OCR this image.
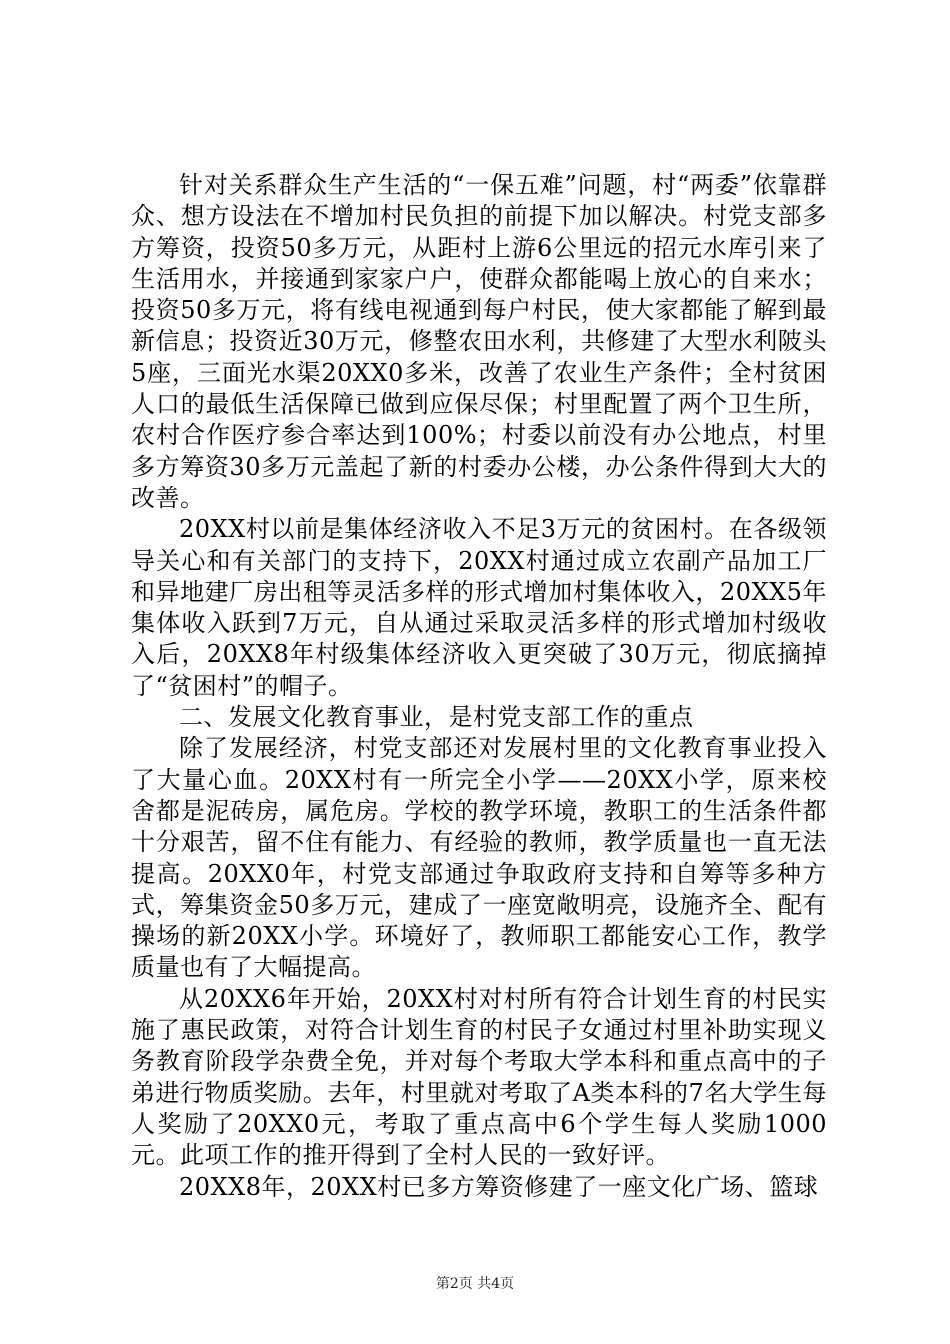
针对关系群众生产生活的“一保五难”问题，村“两委”依靠群众、想方设法在不增加村民负担的前提下加以解决。村党支部多方筹资，投资50多万元，从距村上游6公里远的招元水库引来了生活用水，并接通到家家户户，使群众都能喝上放心的自来水；投资50多万元，将有线电视通到每户村民，使大家都能了解到最新信息；投资近30万元，修整农田水利，共修建了大型水利陂头5座，三面光水渠20XX0多米，改善了农业生产条件；全村贫困人口的最低生活保障已做到应保尽保；村里配置了两个卫生所，农村合作医疗参合率达到100%；村委以前没有办公地点，村里多方筹资30多万元盖起了新的村委办公楼，办公条件得到大大的改善。

20XX村以前是集体经济收入不足3万元的贫困村。在各级领导关心和有关部门的支持下，20XX村通过成立农副产品加工厂和异地建厂房出租等灵活多样的形式增加村集体收入，20XX5年集体收入跃到7万元，自从通过采取灵活多样的形式增加村级收入后，20XX8年村级集体经济收入更突破了30万元，彻底摘掉了“贫困村”的帽子。

二、发展文化教育事业，是村党支部工作的重点

除了发展经济，村党支部还对发展村里的文化教育事业投入了大量心血。20XX村有一所完全小学——20XX小学，原来校舍都是泥砖房，属危房。学校的教学环境，教职工的生活条件都十分艰苦，留不住有能力、有经验的教师，教学质量也一直无法提高。20XX0年，村党支部通过争取政府支持和自筹等多种方式，筹集资金50多万元，建成了一座宽敞明亮，设施齐全、配有操场的新20XX小学。环境好了，教师职工都能安心工作，教学质量也有了大幅提高。

从20XX6年开始，20XX村对村所有符合计划生育的村民实施了惠民政策，对符合计划生育的村民子女通过村里补助实现义务教育阶段学杂费全免，并对每个考取大学本科和重点高中的子弟进行物质奖励。去年，村里就对考取了A类本科的7名大学生每人奖励了20XX0元，考取了重点高中6个学生每人奖励1000元。此项工作的推开得到了全村人民的一致好评。

20XX8年，20XX村已多方筹资修建了一座文化广场、篮球

第2页 共4页
